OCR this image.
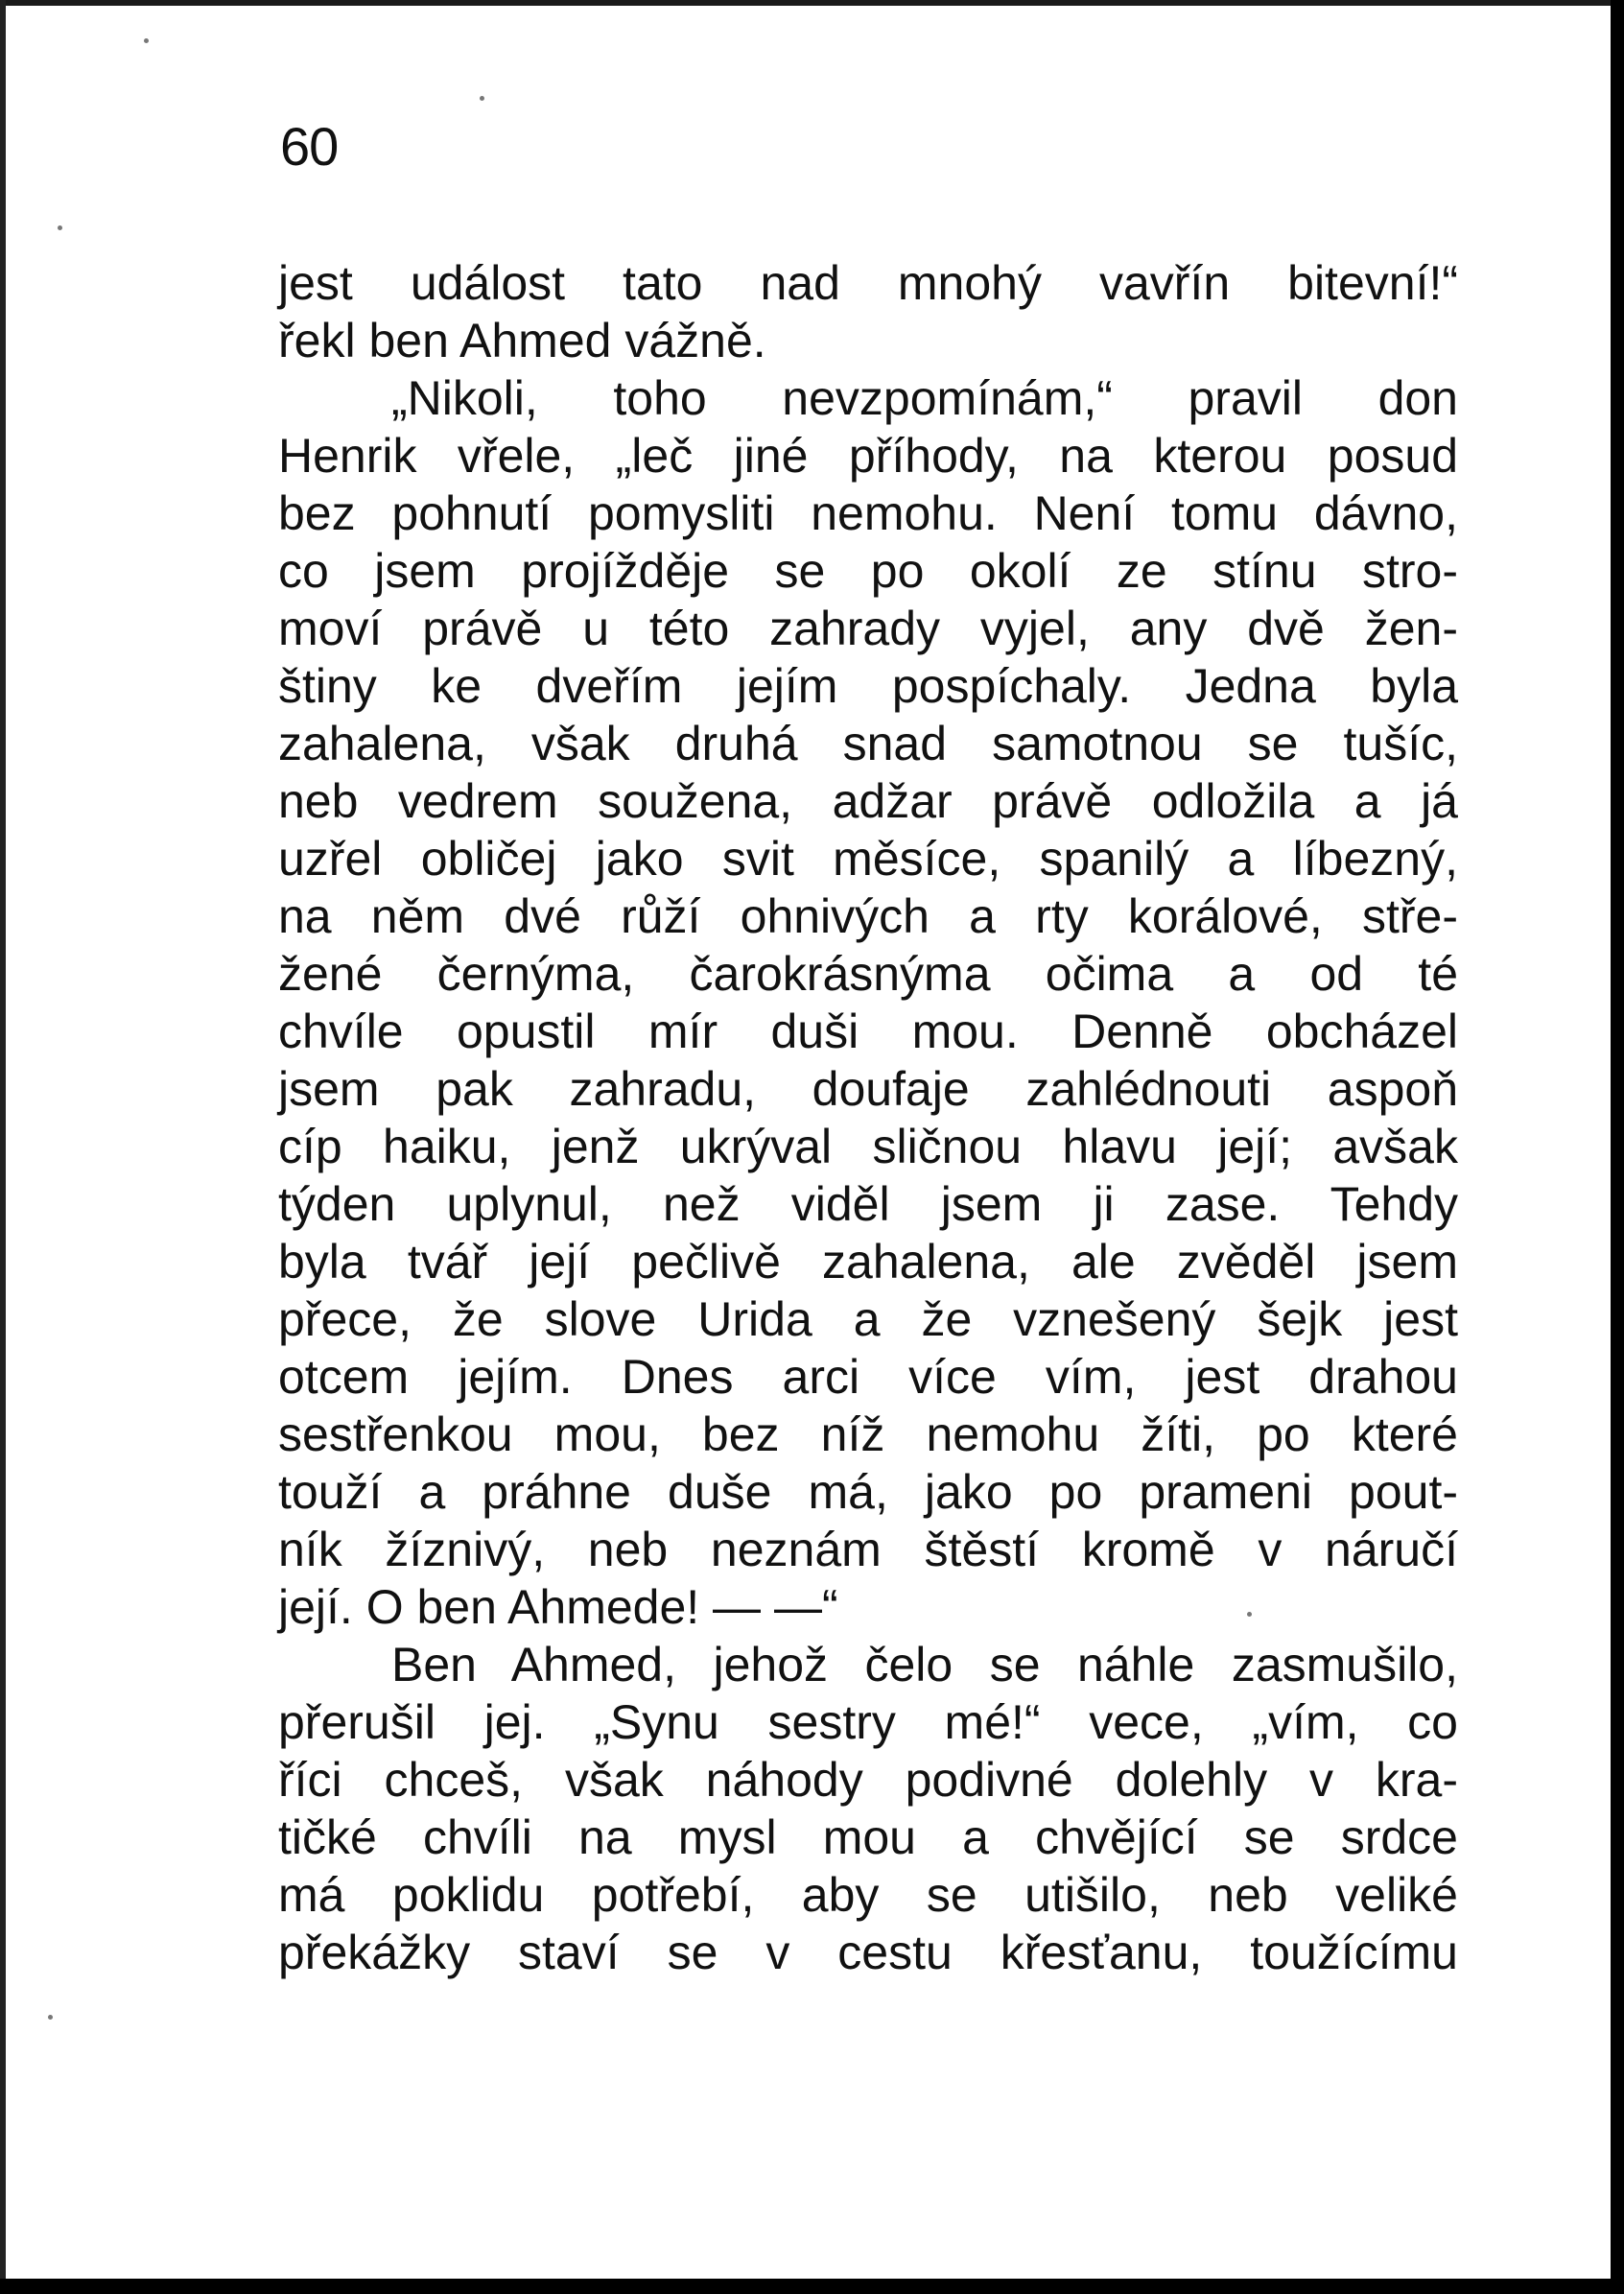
60
jest událost tato nad mnohý vavřín bitevní!“
řekl ben Ahmed vážně.
„Nikoli, toho nevzpomínám,“ pravil don
Henrik vřele, „leč jiné příhody, na kterou posud
bez pohnutí pomysliti nemohu. Není tomu dávno,
co jsem projížděje se po okolí ze stínu stro-
moví právě u této zahrady vyjel, any dvě žen-
štiny ke dveřím jejím pospíchaly. Jedna byla
zahalena, však druhá snad samotnou se tušíc,
neb vedrem soužena, adžar právě odložila a já
uzřel obličej jako svit měsíce, spanilý a líbezný,
na něm dvé růží ohnivých a rty korálové, stře-
žené černýma, čarokrásnýma očima a od té
chvíle opustil mír duši mou. Denně obcházel
jsem pak zahradu, doufaje zahlédnouti aspoň
cíp haiku, jenž ukrýval sličnou hlavu její; avšak
týden uplynul, než viděl jsem ji zase. Tehdy
byla tvář její pečlivě zahalena, ale zvěděl jsem
přece, že slove Urida a že vznešený šejk jest
otcem jejím. Dnes arci více vím, jest drahou
sestřenkou mou, bez níž nemohu žíti, po které
touží a práhne duše má, jako po prameni pout-
ník žíznivý, neb neznám štěstí kromě v náručí
její. O ben Ahmede! — —“
Ben Ahmed, jehož čelo se náhle zasmušilo,
přerušil jej. „Synu sestry mé!“ vece, „vím, co
říci chceš, však náhody podivné dolehly v kra-
tičké chvíli na mysl mou a chvějící se srdce
má poklidu potřebí, aby se utišilo, neb veliké
překážky staví se v cestu křesťanu, toužícímu
